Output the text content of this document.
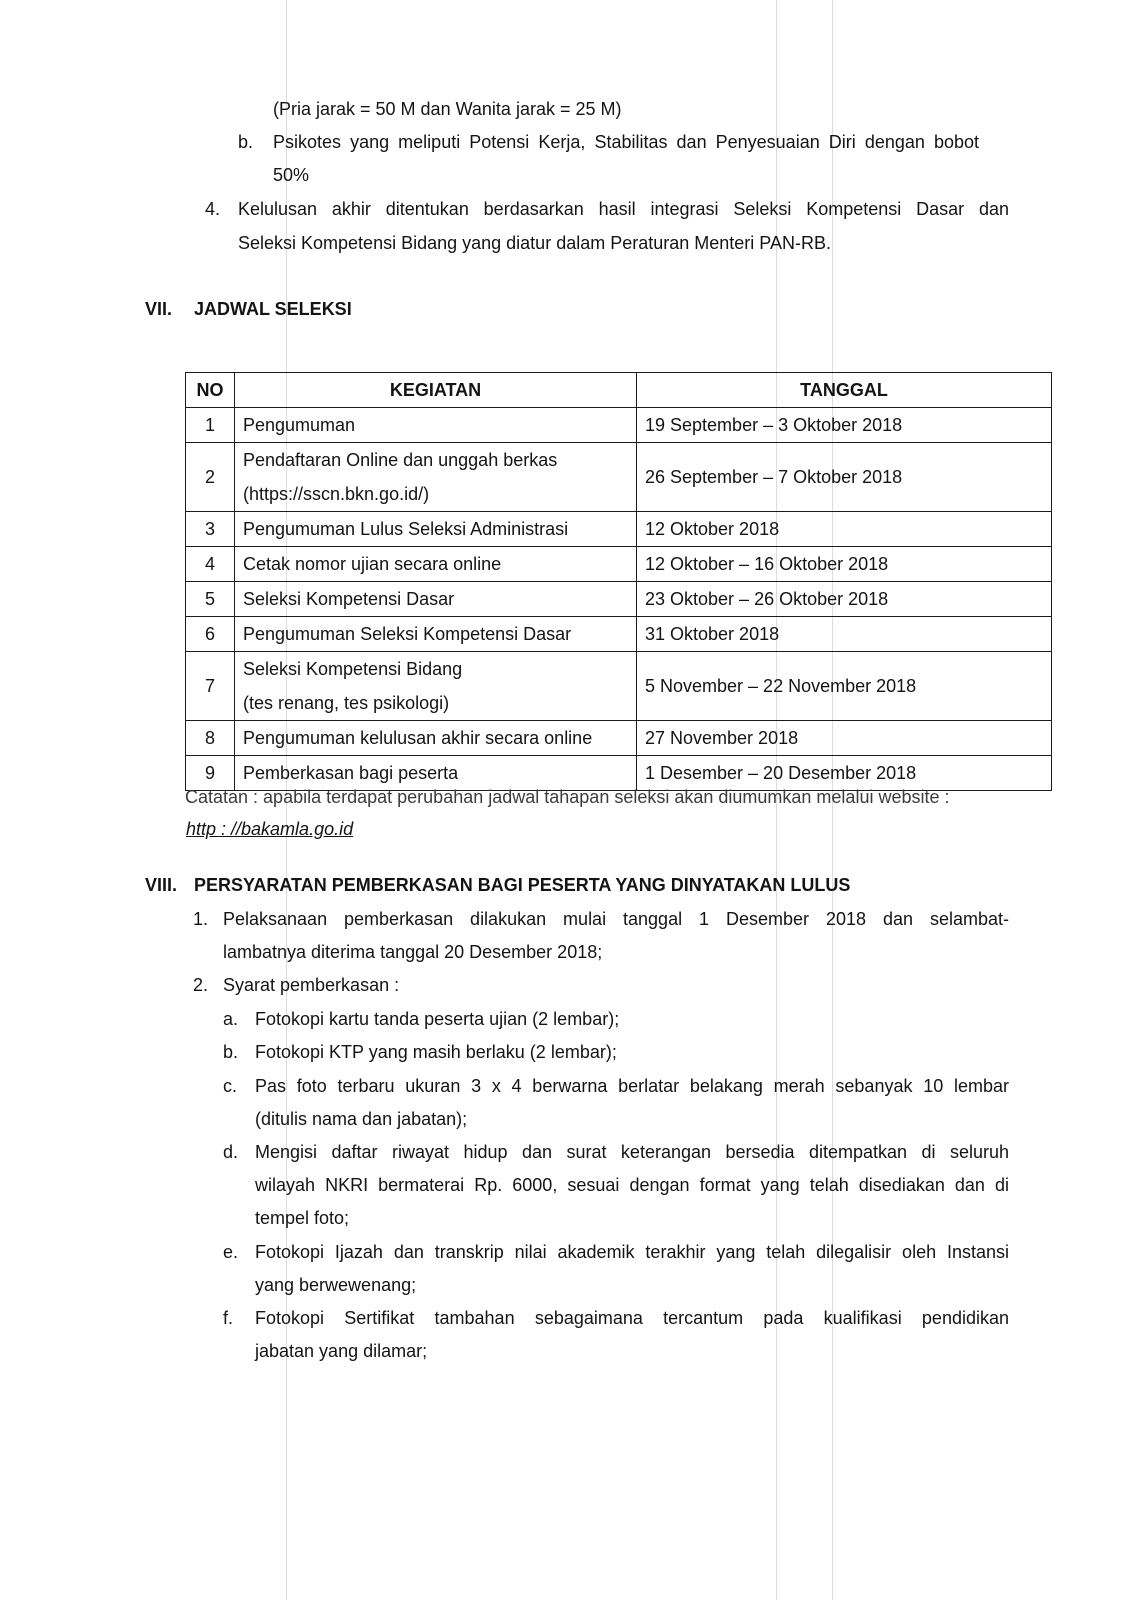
(Pria jarak = 50 M dan Wanita jarak = 25 M)
b. Psikotes yang meliputi Potensi Kerja, Stabilitas dan Penyesuaian Diri dengan bobot
50%
4. Kelulusan akhir ditentukan berdasarkan hasil integrasi Seleksi Kompetensi Dasar dan
Seleksi Kompetensi Bidang yang diatur dalam Peraturan Menteri PAN-RB.
VII. JADWAL SELEKSI
NO	KEGIATAN	TANGGAL
1	Pengumuman	19 September – 3 Oktober 2018
2	Pendaftaran Online dan unggah berkas
(https://sscn.bkn.go.id/)	26 September – 7 Oktober 2018
3	Pengumuman Lulus Seleksi Administrasi	12 Oktober 2018
4	Cetak nomor ujian secara online	12 Oktober – 16 Oktober 2018
5	Seleksi Kompetensi Dasar	23 Oktober – 26 Oktober 2018
6	Pengumuman Seleksi Kompetensi Dasar	31 Oktober 2018
7	Seleksi Kompetensi Bidang
(tes renang, tes psikologi)	5 November – 22 November 2018
8	Pengumuman kelulusan akhir secara online	27 November 2018
9	Pemberkasan bagi peserta	1 Desember – 20 Desember 2018
Catatan : apabila terdapat perubahan jadwal tahapan seleksi akan diumumkan melalui website :
http : //bakamla.go.id
VIII. PERSYARATAN PEMBERKASAN BAGI PESERTA YANG DINYATAKAN LULUS
1. Pelaksanaan pemberkasan dilakukan mulai tanggal 1 Desember 2018 dan selambat-
lambatnya diterima tanggal 20 Desember 2018;
2. Syarat pemberkasan :
a. Fotokopi kartu tanda peserta ujian (2 lembar);
b. Fotokopi KTP yang masih berlaku (2 lembar);
c. Pas foto terbaru ukuran 3 x 4 berwarna berlatar belakang merah sebanyak 10 lembar
(ditulis nama dan jabatan);
d. Mengisi daftar riwayat hidup dan surat keterangan bersedia ditempatkan di seluruh
wilayah NKRI bermaterai Rp. 6000, sesuai dengan format yang telah disediakan dan di
tempel foto;
e. Fotokopi Ijazah dan transkrip nilai akademik terakhir yang telah dilegalisir oleh Instansi
yang berwewenang;
f. Fotokopi Sertifikat tambahan sebagaimana tercantum pada kualifikasi pendidikan
jabatan yang dilamar;
